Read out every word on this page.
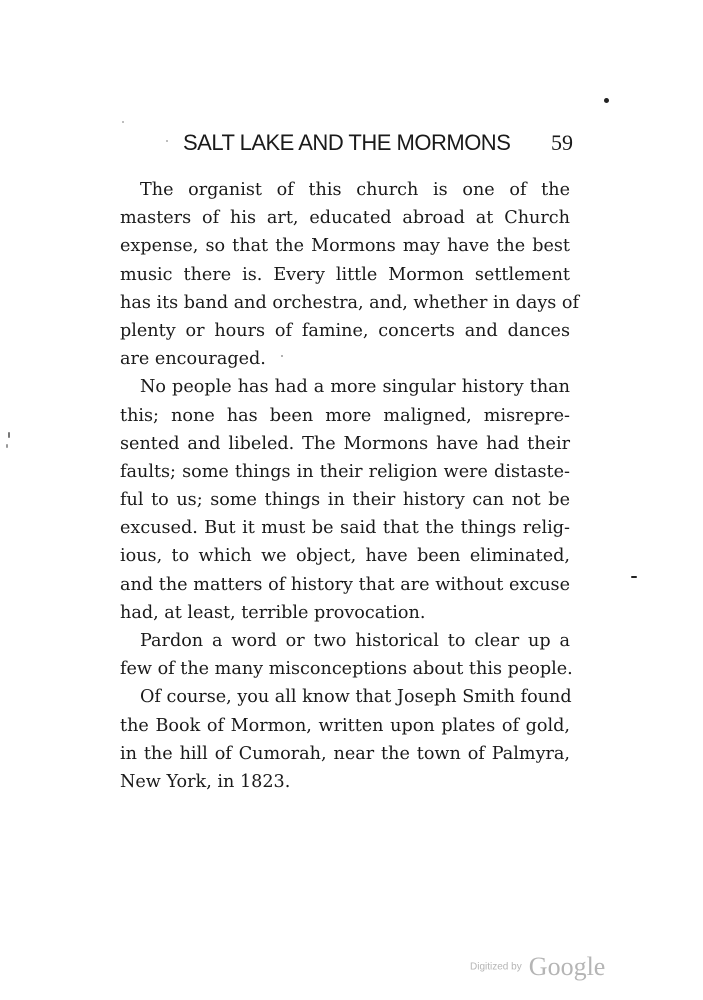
SALT LAKE AND THE MORMONS 59

The organist of this church is one of the
masters of his art, educated abroad at Church
expense, so that the Mormons may have the best
music there is. Every little Mormon settlement
has its band and orchestra, and, whether in days of
plenty or hours of famine, concerts and dances
are encouraged.

No people has had a more singular history than
this; none has been more maligned, misrepre-
sented and libeled. The Mormons have had their
faults; some things in their religion were distaste-
ful to us; some things in their history can not be
excused. But it must be said that the things relig-
ious, to which we object, have been eliminated,
and the matters of history that are without excuse
had, at least, terrible provocation.

Pardon a word or two historical to clear up a
few of the many misconceptions about this people.

Of course, you all know that Joseph Smith found
the Book of Mormon, written upon plates of gold,
in the hill of Cumorah, near the town of Palmyra,
New York, in 1823.

Digitized by Google
